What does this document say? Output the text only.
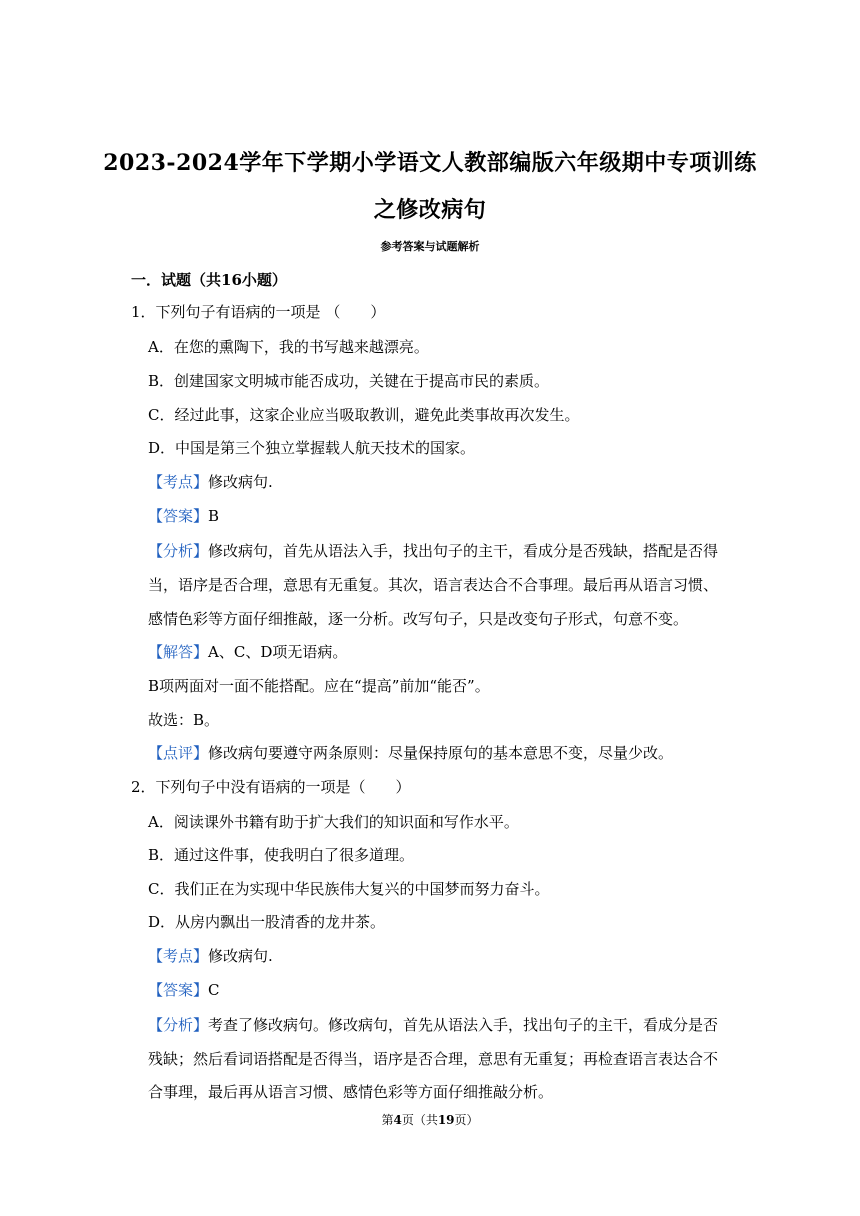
2023-2024学年下学期小学语文人教部编版六年级期中专项训练
之修改病句
参考答案与试题解析
一．试题（共16小题）
1．下列句子有语病的一项是 （　　）
A．在您的熏陶下，我的书写越来越漂亮。
B．创建国家文明城市能否成功，关键在于提高市民的素质。
C．经过此事，这家企业应当吸取教训，避免此类事故再次发生。
D．中国是第三个独立掌握载人航天技术的国家。
【考点】修改病句.
【答案】B
【分析】修改病句，首先从语法入手，找出句子的主干，看成分是否残缺，搭配是否得
当，语序是否合理，意思有无重复。其次，语言表达合不合事理。最后再从语言习惯、
感情色彩等方面仔细推敲，逐一分析。改写句子，只是改变句子形式，句意不变。
【解答】A、C、D项无语病。
B项两面对一面不能搭配。应在“提高”前加“能否”。
故选：B。
【点评】修改病句要遵守两条原则：尽量保持原句的基本意思不变，尽量少改。
2．下列句子中没有语病的一项是（　　）
A．阅读课外书籍有助于扩大我们的知识面和写作水平。
B．通过这件事，使我明白了很多道理。
C．我们正在为实现中华民族伟大复兴的中国梦而努力奋斗。
D．从房内飘出一股清香的龙井茶。
【考点】修改病句.
【答案】C
【分析】考查了修改病句。修改病句，首先从语法入手，找出句子的主干，看成分是否
残缺；然后看词语搭配是否得当，语序是否合理，意思有无重复；再检查语言表达合不
合事理，最后再从语言习惯、感情色彩等方面仔细推敲分析。
第4页（共19页）
